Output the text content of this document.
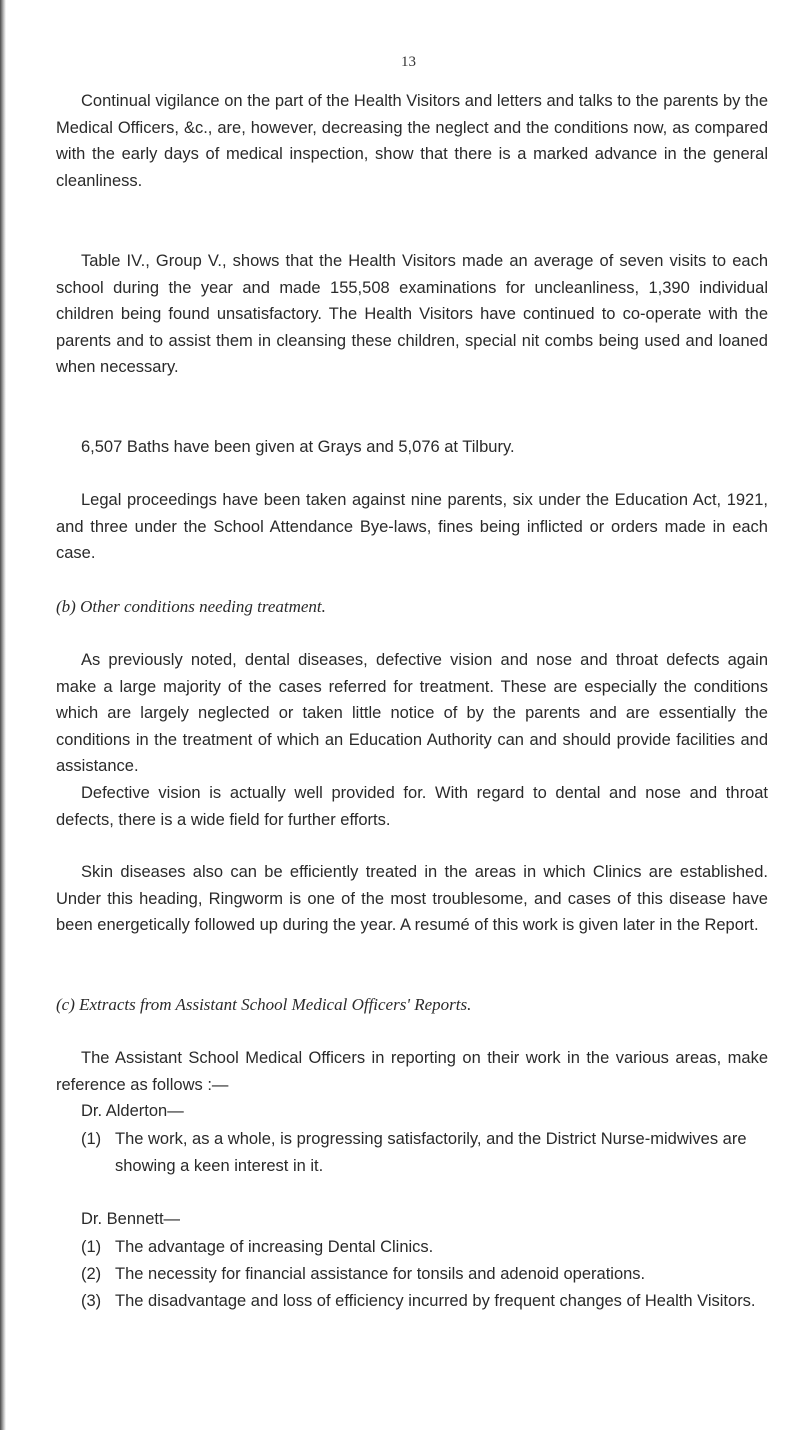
13

Continual vigilance on the part of the Health Visitors and letters and talks to the parents by the Medical Officers, &c., are, however, decreasing the neglect and the conditions now, as compared with the early days of medical inspection, show that there is a marked advance in the general cleanliness.

Table IV., Group V., shows that the Health Visitors made an average of seven visits to each school during the year and made 155,508 examinations for uncleanliness, 1,390 individual children being found unsatisfactory. The Health Visitors have continued to co-operate with the parents and to assist them in cleansing these children, special nit combs being used and loaned when necessary.

6,507 Baths have been given at Grays and 5,076 at Tilbury.

Legal proceedings have been taken against nine parents, six under the Education Act, 1921, and three under the School Attendance Bye-laws, fines being inflicted or orders made in each case.

(b) Other conditions needing treatment.

As previously noted, dental diseases, defective vision and nose and throat defects again make a large majority of the cases referred for treatment. These are especially the conditions which are largely neglected or taken little notice of by the parents and are essentially the conditions in the treatment of which an Education Authority can and should provide facilities and assistance.

Defective vision is actually well provided for. With regard to dental and nose and throat defects, there is a wide field for further efforts.

Skin diseases also can be efficiently treated in the areas in which Clinics are established. Under this heading, Ringworm is one of the most troublesome, and cases of this disease have been energetically followed up during the year. A resumé of this work is given later in the Report.

(c) Extracts from Assistant School Medical Officers' Reports.

The Assistant School Medical Officers in reporting on their work in the various areas, make reference as follows :—

Dr. Alderton—

(1) The work, as a whole, is progressing satisfactorily, and the District Nurse-midwives are showing a keen interest in it.

Dr. Bennett—

(1) The advantage of increasing Dental Clinics.
(2) The necessity for financial assistance for tonsils and adenoid operations.
(3) The disadvantage and loss of efficiency incurred by frequent changes of Health Visitors.
